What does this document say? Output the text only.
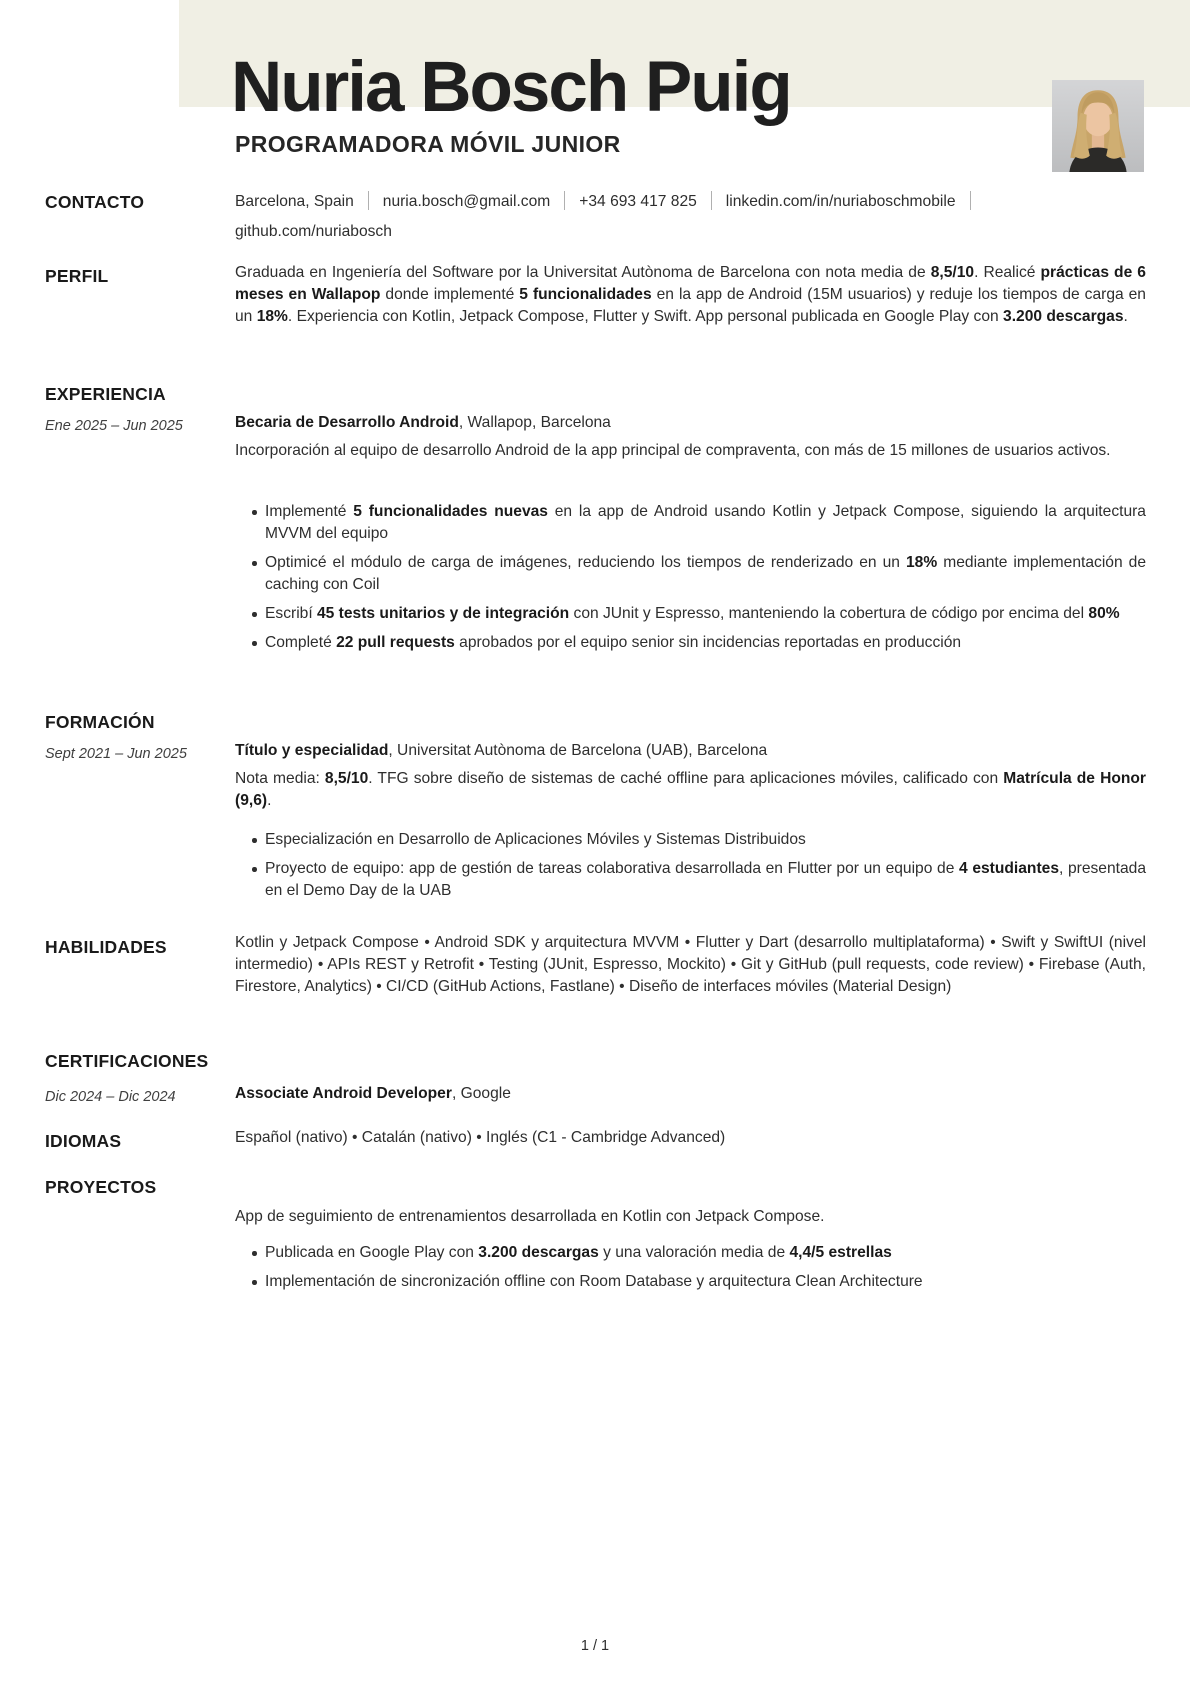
Nuria Bosch Puig
PROGRAMADORA MÓVIL JUNIOR
CONTACTO	Barcelona, Spain nuria.bosch@gmail.com +34 693 417 825 linkedin.com/in/nuriaboschmobile
github.com/nuriabosch
PERFIL	Graduada en Ingeniería del Software por la Universitat Autònoma de Barcelona con nota media de 8,5/10. Realicé prácticas de 6 meses en Wallapop donde implementé 5 funcionalidades en la app de Android (15M usuarios) y reduje los tiempos de carga en un 18%. Experiencia con Kotlin, Jetpack Compose, Flutter y Swift. App personal publicada en Google Play con 3.200 descargas.

EXPERIENCIA
Ene 2025 – Jun 2025	Becaria de Desarrollo Android, Wallapop, Barcelona

Incorporación al equipo de desarrollo Android de la app principal de compraventa, con más de 15 millones de usuarios activos.

Implementé 5 funcionalidades nuevas en la app de Android usando Kotlin y Jetpack Compose, siguiendo la arquitectura MVVM del equipo
Optimicé el módulo de carga de imágenes, reduciendo los tiempos de renderizado en un 18% mediante implementación de caching con Coil
Escribí 45 tests unitarios y de integración con JUnit y Espresso, manteniendo la cobertura de código por encima del 80%
Completé 22 pull requests aprobados por el equipo senior sin incidencias reportadas en producción
FORMACIÓN
Sept 2021 – Jun 2025	Título y especialidad, Universitat Autònoma de Barcelona (UAB), Barcelona

Nota media: 8,5/10. TFG sobre diseño de sistemas de caché offline para aplicaciones móviles, calificado con Matrícula de Honor (9,6).

Especialización en Desarrollo de Aplicaciones Móviles y Sistemas Distribuidos
Proyecto de equipo: app de gestión de tareas colaborativa desarrollada en Flutter por un equipo de 4 estudiantes, presentada en el Demo Day de la UAB
HABILIDADES	Kotlin y Jetpack Compose • Android SDK y arquitectura MVVM • Flutter y Dart (desarrollo multiplataforma) • Swift y SwiftUI (nivel intermedio) • APIs REST y Retrofit • Testing (JUnit, Espresso, Mockito) • Git y GitHub (pull requests, code review) • Firebase (Auth, Firestore, Analytics) • CI/CD (GitHub Actions, Fastlane) • Diseño de interfaces móviles (Material Design)

CERTIFICACIONES
Dic 2024 – Dic 2024	Associate Android Developer, Google
IDIOMAS	Español (nativo) • Catalán (nativo) • Inglés (C1 - Cambridge Advanced)

PROYECTOS

App de seguimiento de entrenamientos desarrollada en Kotlin con Jetpack Compose.

Publicada en Google Play con 3.200 descargas y una valoración media de 4,4/5 estrellas
Implementación de sincronización offline con Room Database y arquitectura Clean Architecture
1 / 1
